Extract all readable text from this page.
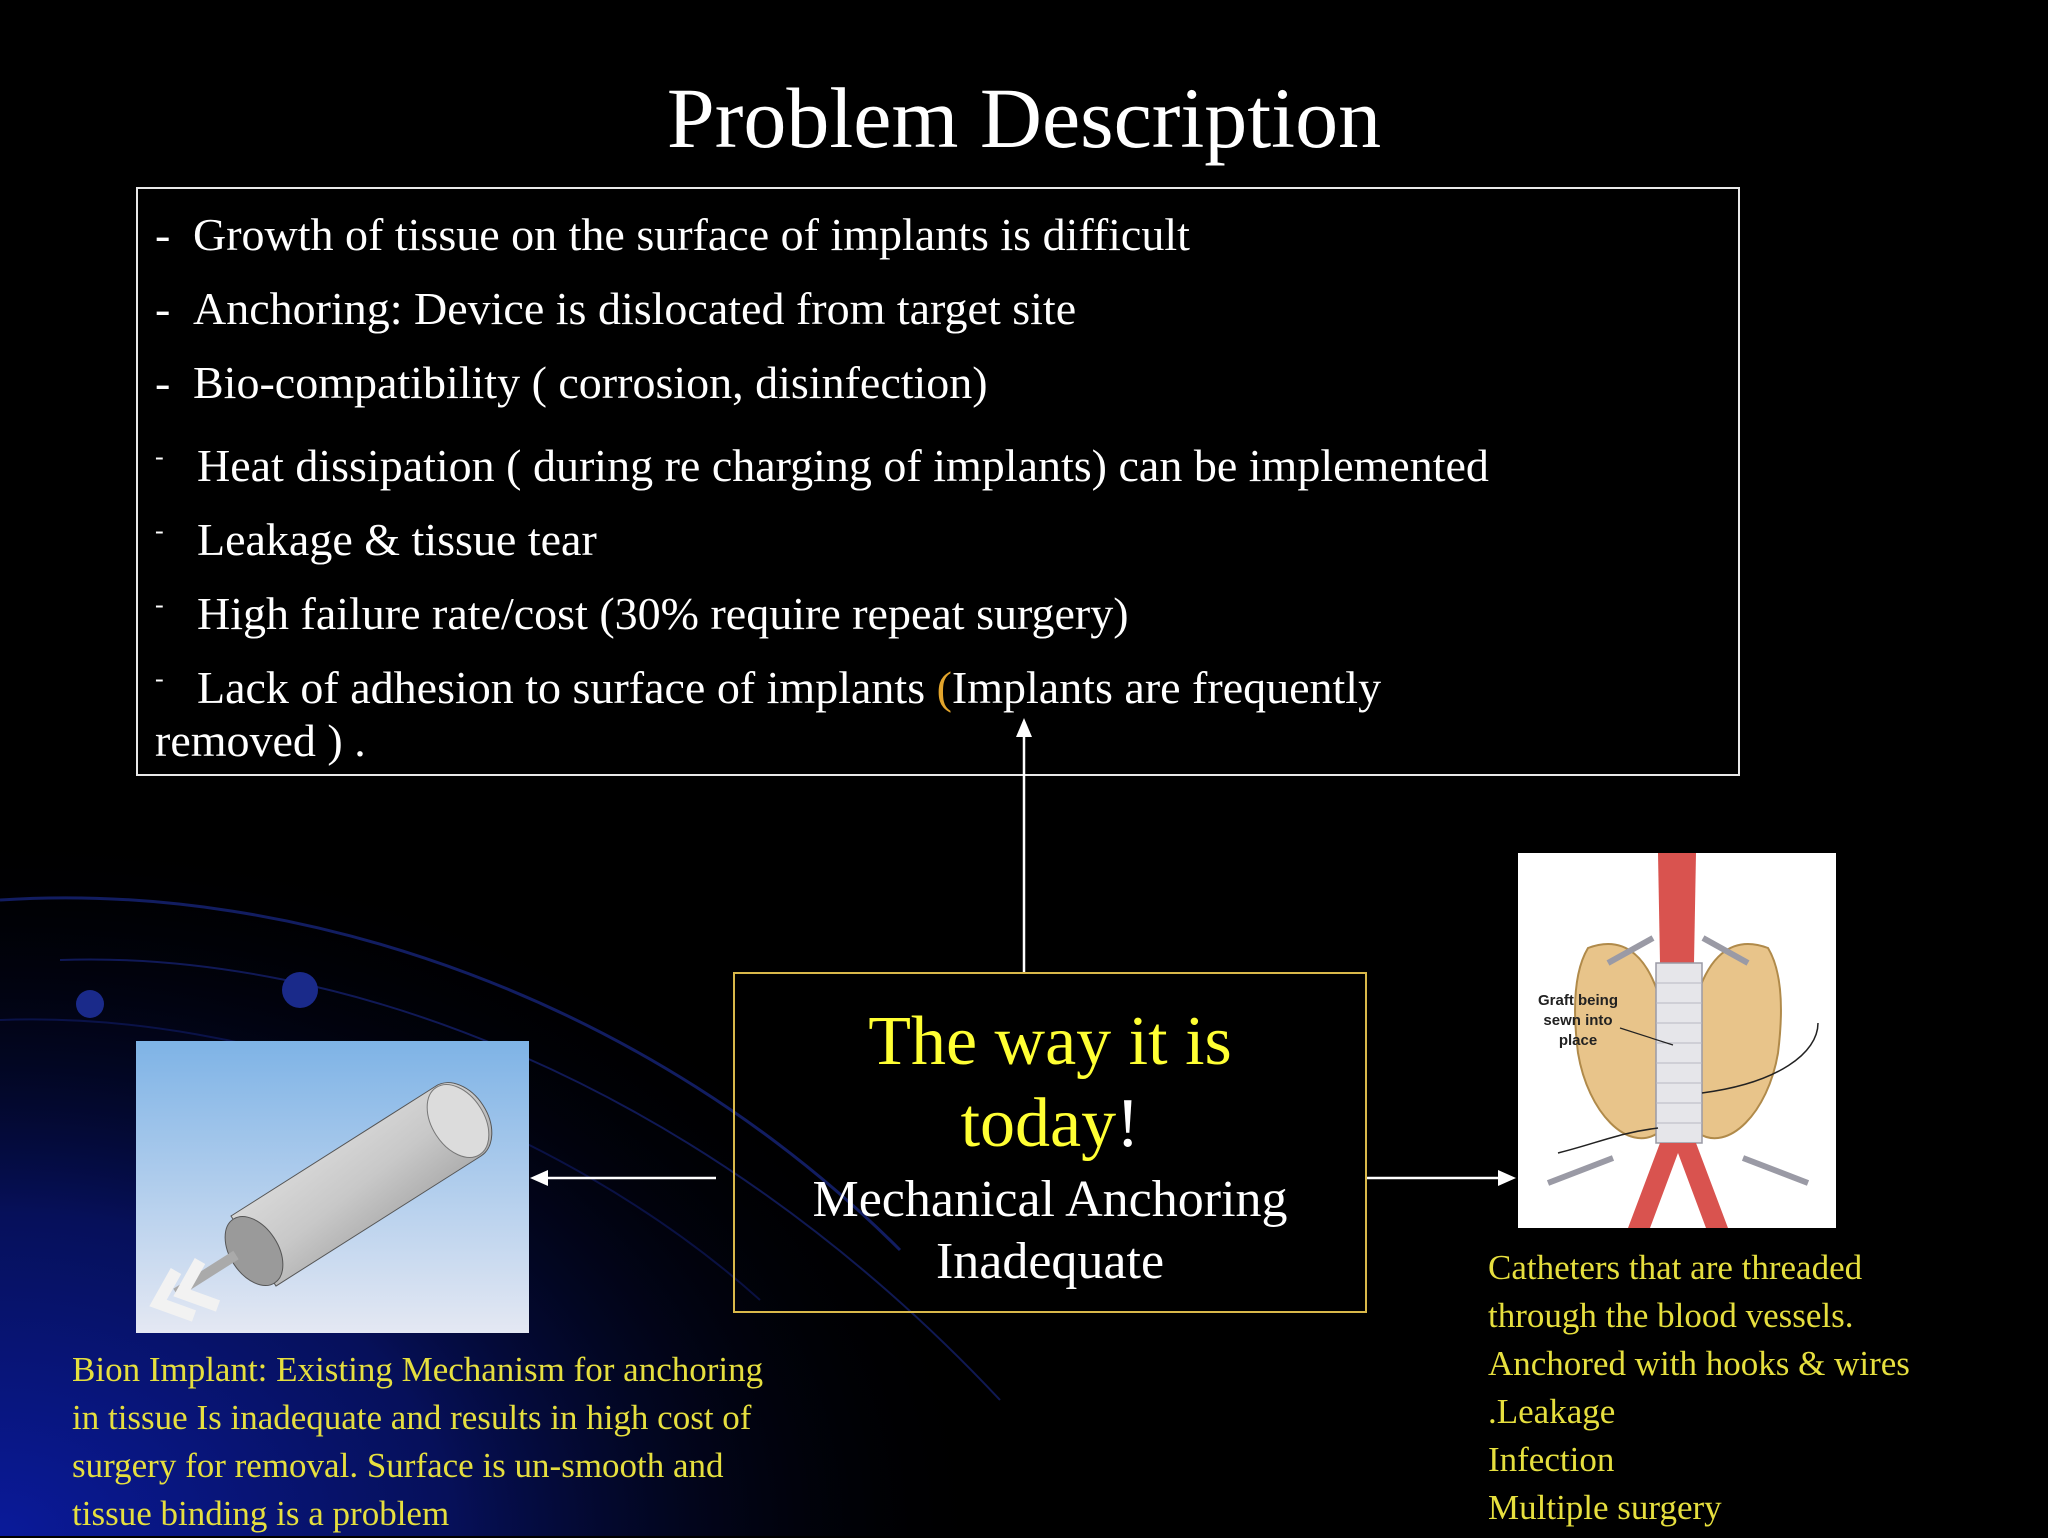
Problem Description
- Growth of tissue on the surface of implants is difficult
- Anchoring: Device is dislocated from target site
- Bio-compatibility ( corrosion, disinfection)
- Heat dissipation ( during re charging of implants) can be implemented
- Leakage & tissue tear
- High failure rate/cost (30% require repeat surgery)
- Lack of adhesion to surface of implants (Implants are frequently
removed ) .
The way it is
today!
Mechanical Anchoring
Inadequate
Graft being
sewn into
place
Bion Implant: Existing Mechanism for anchoring
in tissue Is inadequate and results in high cost of
surgery for removal. Surface is un-smooth and
tissue binding is a problem
Catheters that are threaded
through the blood vessels.
Anchored with hooks & wires
.Leakage
Infection
Multiple surgery
